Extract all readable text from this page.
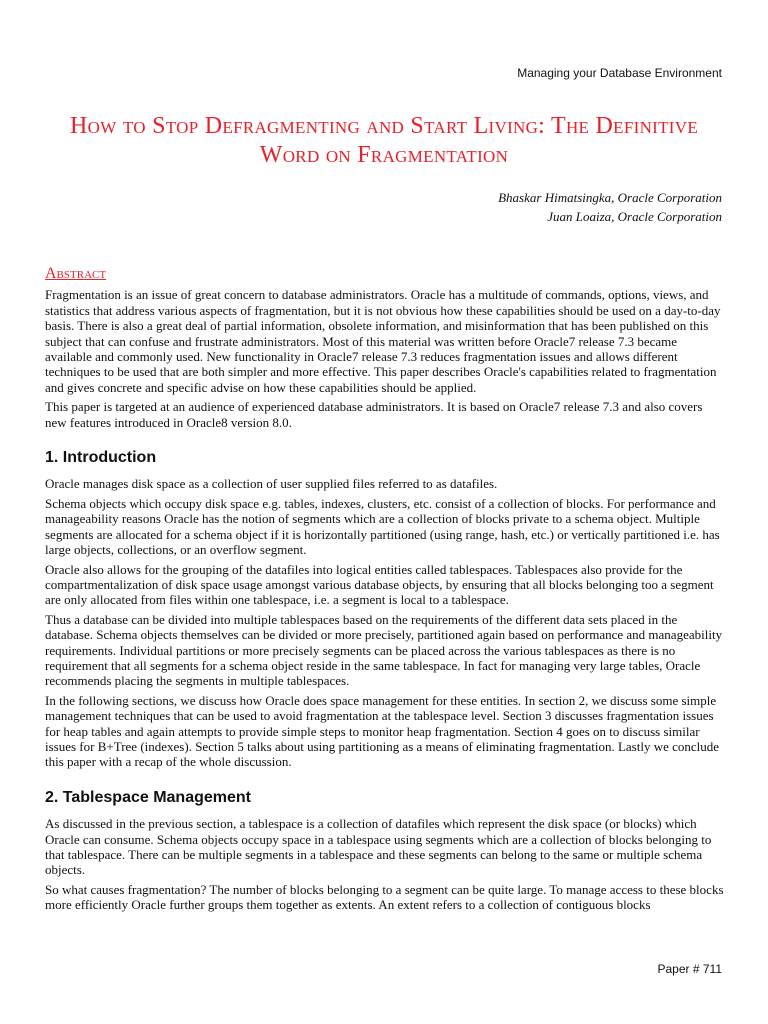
Managing your Database Environment
How to Stop Defragmenting and Start Living: The Definitive
Word on Fragmentation
Bhaskar Himatsingka, Oracle Corporation
Juan Loaiza, Oracle Corporation
Abstract

Fragmentation is an issue of great concern to database administrators. Oracle has a multitude of commands, options, views, and statistics that address various aspects of fragmentation, but it is not obvious how these capabilities should be used on a day-to-day basis. There is also a great deal of partial information, obsolete information, and misinformation that has been published on this subject that can confuse and frustrate administrators. Most of this material was written before Oracle7 release 7.3 became available and commonly used. New functionality in Oracle7 release 7.3 reduces fragmentation issues and allows different techniques to be used that are both simpler and more effective. This paper describes Oracle's capabilities related to fragmentation and gives concrete and specific advise on how these capabilities should be applied.

This paper is targeted at an audience of experienced database administrators. It is based on Oracle7 release 7.3 and also covers new features introduced in Oracle8 version 8.0.

1. Introduction

Oracle manages disk space as a collection of user supplied files referred to as datafiles.

Schema objects which occupy disk space e.g. tables, indexes, clusters, etc. consist of a collection of blocks. For performance and manageability reasons Oracle has the notion of segments which are a collection of blocks private to a schema object. Multiple segments are allocated for a schema object if it is horizontally partitioned (using range, hash, etc.) or vertically partitioned i.e. has large objects, collections, or an overflow segment.

Oracle also allows for the grouping of the datafiles into logical entities called tablespaces. Tablespaces also provide for the compartmentalization of disk space usage amongst various database objects, by ensuring that all blocks belonging too a segment are only allocated from files within one tablespace, i.e. a segment is local to a tablespace.

Thus a database can be divided into multiple tablespaces based on the requirements of the different data sets placed in the database. Schema objects themselves can be divided or more precisely, partitioned again based on performance and manageability requirements. Individual partitions or more precisely segments can be placed across the various tablespaces as there is no requirement that all segments for a schema object reside in the same tablespace. In fact for managing very large tables, Oracle recommends placing the segments in multiple tablespaces.

In the following sections, we discuss how Oracle does space management for these entities. In section 2, we discuss some simple management techniques that can be used to avoid fragmentation at the tablespace level. Section 3 discusses fragmentation issues for heap tables and again attempts to provide simple steps to monitor heap fragmentation. Section 4 goes on to discuss similar issues for B+Tree (indexes). Section 5 talks about using partitioning as a means of eliminating fragmentation. Lastly we conclude this paper with a recap of the whole discussion.

2. Tablespace Management

As discussed in the previous section, a tablespace is a collection of datafiles which represent the disk space (or blocks) which Oracle can consume. Schema objects occupy space in a tablespace using segments which are a collection of blocks belonging to that tablespace. There can be multiple segments in a tablespace and these segments can belong to the same or multiple schema objects.

So what causes fragmentation? The number of blocks belonging to a segment can be quite large. To manage access to these blocks more efficiently Oracle further groups them together as extents. An extent refers to a collection of contiguous blocks

Paper # 711
